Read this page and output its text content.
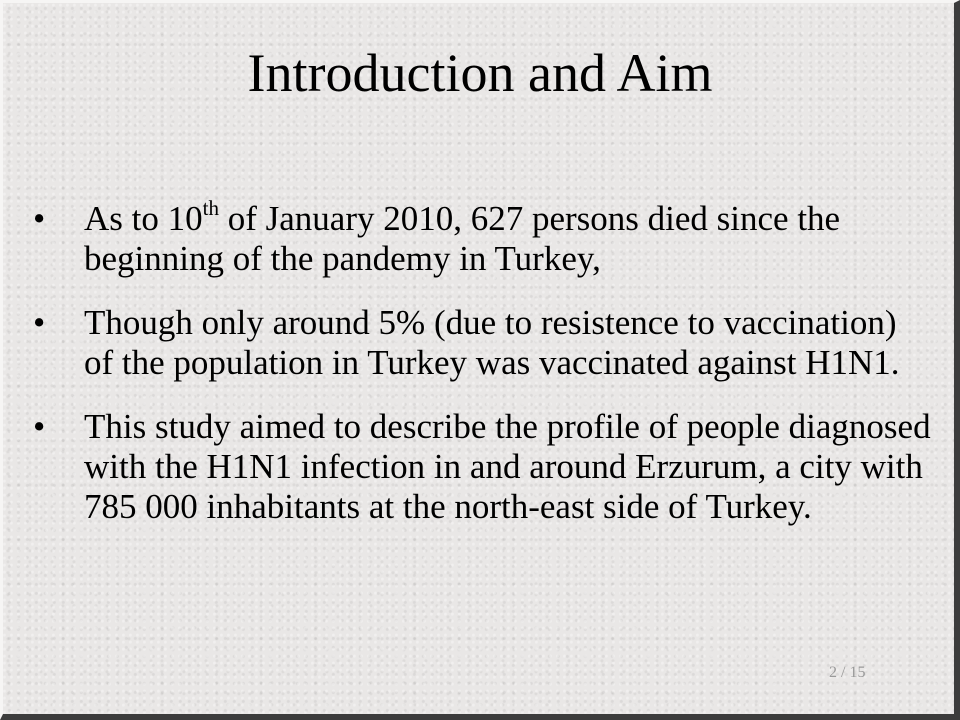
Introduction and Aim
•	As to 10th of January 2010, 627 persons died since the beginning of the pandemy in Turkey,
•	Though only around 5% (due to resistence to vaccination) of the population in Turkey was vaccinated against H1N1.
•	This study aimed to describe the profile of people diagnosed with the H1N1 infection in and around Erzurum, a city with 785 000 inhabitants at the north-east side of Turkey.
2 / 15
